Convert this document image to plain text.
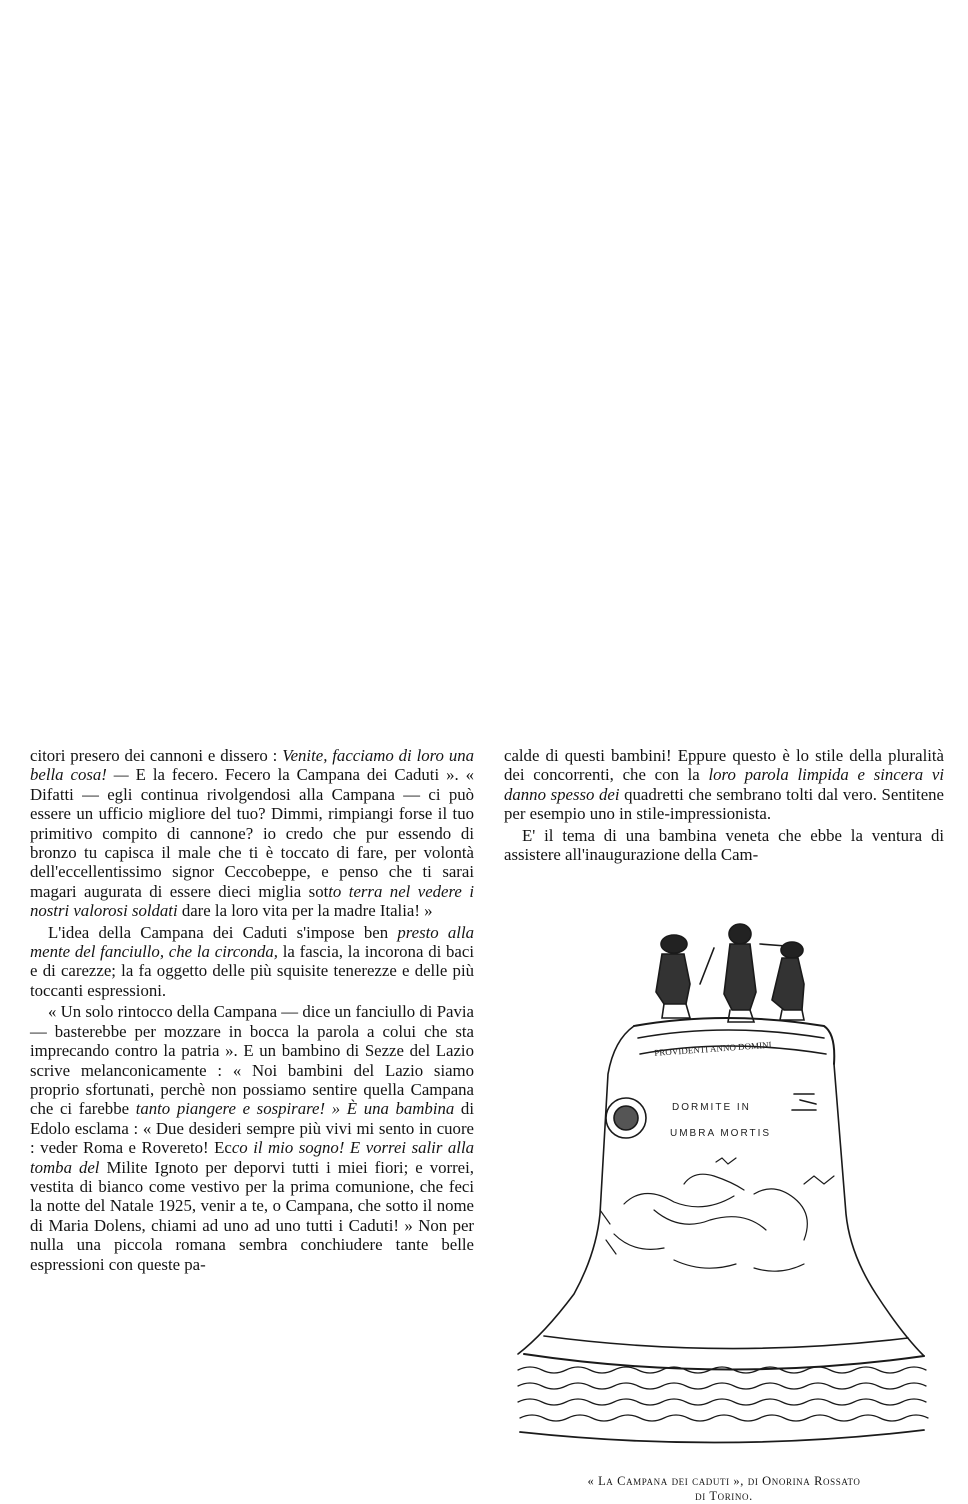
citori presero dei cannoni e dissero : Venite, facciamo di loro una bella cosa! — E la fecero. Fecero la Campana dei Caduti ». « Difatti — egli continua rivolgendosi alla Campana — ci può essere un ufficio migliore del tuo? Dimmi, rimpiangi forse il tuo primitivo compito di cannone? io credo che pur essendo di bronzo tu capisca il male che ti è toccato di fare, per volontà dell'eccellentissimo signor Ceccobeppe, e penso che ti sarai magari augurata di essere dieci miglia sotto terra nel vedere i nostri valorosi soldati dare la loro vita per la madre Italia! »

L'idea della Campana dei Caduti s'impose ben presto alla mente del fanciullo, che la circonda, la fascia, la incorona di baci e di carezze; la fa oggetto delle più squisite tenerezze e delle più toccanti espressioni.

« Un solo rintocco della Campana — dice un fanciullo di Pavia — basterebbe per mozzare in bocca la parola a colui che sta imprecando contro la patria ». E un bambino di Sezze del Lazio scrive melanconicamente : « Noi bambini del Lazio siamo proprio sfortunati, perchè non possiamo sentire quella Campana che ci farebbe tanto piangere e sospirare! » È una bambina di Edolo esclama : « Due desideri sempre più vivi mi sento in cuore : veder Roma e Rovereto! Ecco il mio sogno! E vorrei salir alla tomba del Milite Ignoto per deporvi tutti i miei fiori; e vorrei, vestita di bianco come vestivo per la prima comunione, che feci la notte del Natale 1925, venir a te, o Campana, che sotto il nome di Maria Dolens, chiami ad uno ad uno tutti i Caduti! » Non per nulla una piccola romana sembra conchiudere tante belle espressioni con queste pa-

calde di questi bambini! Eppure questo è lo stile della pluralità dei concorrenti, che con la loro parola limpida e sincera vi danno spesso dei quadretti che sembrano tolti dal vero. Sentitene per esempio uno in stile-impressionista.

E' il tema di una bambina veneta che ebbe la ventura di assistere all'inaugurazione della Cam-

PROVIDENTI ANNO DOMINI
DORMITE IN
UMBRA MORTIS
« La Campana dei caduti », di Onorina Rossato
di Torino.
